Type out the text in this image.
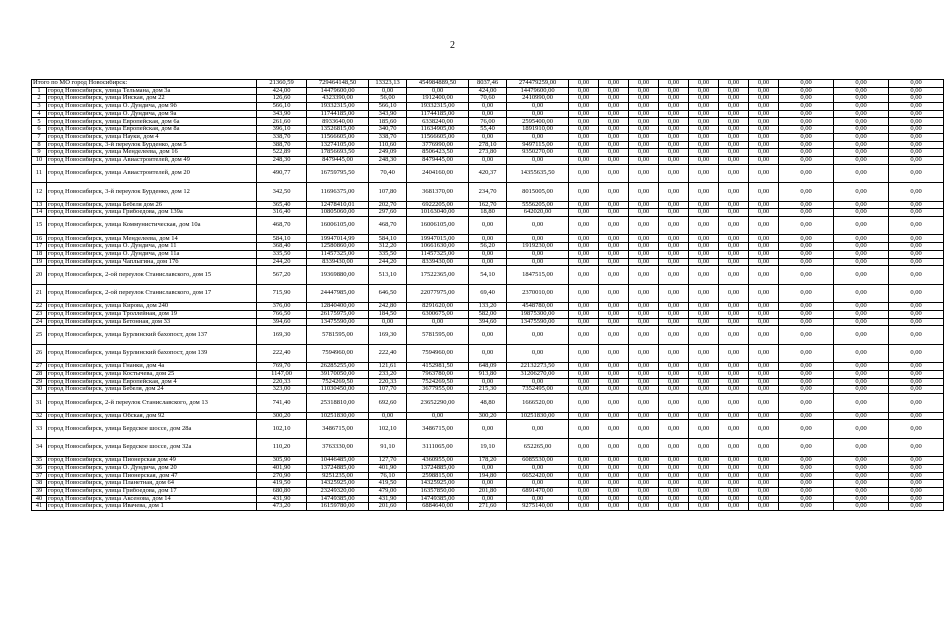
2
Итого по МО город Новосибирск:		21360,59	729464148,50	13323,13	454984889,50	8037,46	274479259,00	0,00	0,00	0,00	0,00	0,00	0,00	0,00	0,00	0,00	0,00
1	город Новосибирск, улица Тельмана, дом 3а	424,00	14479600,00	0,00	0,00	424,00	14479600,00	0,00	0,00	0,00	0,00	0,00	0,00	0,00	0,00	0,00	0,00
2	город Новосибирск, улица Инская, дом 22	126,60	4323390,00	56,00	1912400,00	70,60	2410990,00	0,00	0,00	0,00	0,00	0,00	0,00	0,00	0,00	0,00	0,00
3	город Новосибирск, улица О. Дундича, дом 9б	566,10	19332315,00	566,10	19332315,00	0,00	0,00	0,00	0,00	0,00	0,00	0,00	0,00	0,00	0,00	0,00	0,00
4	город Новосибирск, улица О. Дундича, дом 9а	343,90	11744185,00	343,90	11744185,00	0,00	0,00	0,00	0,00	0,00	0,00	0,00	0,00	0,00	0,00	0,00	0,00
5	город Новосибирск, улица Европейская, дом 6а	261,60	8933640,00	185,60	6338240,00	76,00	2595400,00	0,00	0,00	0,00	0,00	0,00	0,00	0,00	0,00	0,00	0,00
6	город Новосибирск, улица Европейская, дом 8а	396,10	13526815,00	340,70	11634905,00	55,40	1891910,00	0,00	0,00	0,00	0,00	0,00	0,00	0,00	0,00	0,00	0,00
7	город Новосибирск, улица Науки, дом 4	338,70	11566605,00	338,70	11566605,00	0,00	0,00	0,00	0,00	0,00	0,00	0,00	0,00	0,00	0,00	0,00	0,00
8	город Новосибирск, 3-й переулок Бурденко, дом 5	388,70	13274105,00	110,60	3776990,00	278,10	9497115,00	0,00	0,00	0,00	0,00	0,00	0,00	0,00	0,00	0,00	0,00
9	город Новосибирск, улица Менделеева, дом 16	522,89	17856693,50	249,09	8506423,50	273,80	9350270,00	0,00	0,00	0,00	0,00	0,00	0,00	0,00	0,00	0,00	0,00
10	город Новосибирск, улица Авиастроителей, дом 49	248,30	8479445,00	248,30	8479445,00	0,00	0,00	0,00	0,00	0,00	0,00	0,00	0,00	0,00	0,00	0,00	0,00
11	город Новосибирск, улица Авиастроителей, дом 20	490,77	16759795,50	70,40	2404160,00	420,37	14355635,50	0,00	0,00	0,00	0,00	0,00	0,00	0,00	0,00	0,00	0,00
12	город Новосибирск, 3-й переулок Бурденко, дом 12	342,50	11696375,00	107,80	3681370,00	234,70	8015005,00	0,00	0,00	0,00	0,00	0,00	0,00	0,00	0,00	0,00	0,00
13	город Новосибирск, улица Бебеля дом 26	365,40	12478410,01	202,70	6922205,00	162,70	5556205,00	0,00	0,00	0,00	0,00	0,00	0,00	0,00	0,00	0,00	0,00
14	город Новосибирск, улица Грибоедова, дом 139а	316,40	10805060,00	297,60	10163040,00	18,80	642020,00	0,00	0,00	0,00	0,00	0,00	0,00	0,00	0,00	0,00	0,00
15	город Новосибирск, улица Коммунистическая, дом 10а	468,70	16006105,00	468,70	16006105,00	0,00	0,00	0,00	0,00	0,00	0,00	0,00	0,00	0,00	0,00	0,00	0,00
16	город Новосибирск, улица Менделеева, дом 14	584,10	19947014,99	584,10	19947015,00	0,00	0,00	0,00	0,00	0,00	0,00	0,00	0,00	0,00	0,00	0,00	0,00
17	город Новосибирск, улица О. Дундича, дом 11	368,40	12580860,00	312,20	10661630,00	56,20	1919230,00	0,00	0,00	0,00	0,00	0,00	0,00	0,00	0,00	0,00	0,00
18	город Новосибирск, улица О. Дундича, дом 11а	335,50	11457325,00	335,50	11457325,00	0,00	0,00	0,00	0,00	0,00	0,00	0,00	0,00	0,00	0,00	0,00	0,00
19	город Новосибирск, улица Чаплыгина, дом 17б	244,20	8339430,00	244,20	8339430,00	0,00	0,00	0,00	0,00	0,00	0,00	0,00	0,00	0,00	0,00	0,00	0,00
20	город Новосибирск, 2-ой переулок Станиславского, дом 15	567,20	19369880,00	513,10	17522365,00	54,10	1847515,00	0,00	0,00	0,00	0,00	0,00	0,00	0,00	0,00	0,00	0,00
21	город Новосибирск, 2-ой переулок Станиславского, дом 17	715,90	24447985,00	646,50	22077975,00	69,40	2370010,00	0,00	0,00	0,00	0,00	0,00	0,00	0,00	0,00	0,00	0,00
22	город Новосибирск, улица Кирова, дом 240	376,00	12840400,00	242,80	8291620,00	133,20	4548780,00	0,00	0,00	0,00	0,00	0,00	0,00	0,00	0,00	0,00	0,00
23	город Новосибирск, улица Троллейная, дом 19	766,50	26175975,00	184,50	6300675,00	582,00	19875300,00	0,00	0,00	0,00	0,00	0,00	0,00	0,00	0,00	0,00	0,00
24	город Новосибирск, улица Бетонная, дом 33	394,60	13475590,00	0,00	0,00	394,60	13475590,00	0,00	0,00	0,00	0,00	0,00	0,00	0,00	0,00	0,00	0,00
25	город Новосибирск, улица Бурлинский бахопост, дом 137	169,30	5781595,00	169,30	5781595,00	0,00	0,00	0,00	0,00	0,00	0,00	0,00	0,00	0,00	0,00	0,00	0,00
26	город Новосибирск, улица Бурлинский бахопост, дом 139	222,40	7594960,00	222,40	7594960,00	0,00	0,00	0,00	0,00	0,00	0,00	0,00	0,00	0,00	0,00	0,00	0,00
27	город Новосибирск, улица Гнанки, дом 4а	769,70	26285255,00	121,61	4152981,50	648,09	22132273,50	0,00	0,00	0,00	0,00	0,00	0,00	0,00	0,00	0,00	0,00
28	город Новосибирск, улица Костычева, дом 25	1147,00	39170050,00	233,20	7963780,00	913,80	31206270,00	0,00	0,00	0,00	0,00	0,00	0,00	0,00	0,00	0,00	0,00
29	город Новосибирск, улица Европейская, дом 4	220,33	7524269,50	220,33	7524269,50	0,00	0,00	0,00	0,00	0,00	0,00	0,00	0,00	0,00	0,00	0,00	0,00
30	город Новосибирск, улица Бебеля, дом 24	323,00	11030450,00	107,70	3677955,00	215,30	7352495,00	0,00	0,00	0,00	0,00	0,00	0,00	0,00	0,00	0,00	0,00
31	город Новосибирск, 2-й переулок Станиславского, дом 13	741,40	25318810,00	692,60	23652290,00	48,80	1666520,00	0,00	0,00	0,00	0,00	0,00	0,00	0,00	0,00	0,00	0,00
32	город Новосибирск, улица Обская, дом 92	300,20	10251830,00	0,00	0,00	300,20	10251830,00	0,00	0,00	0,00	0,00	0,00	0,00	0,00	0,00	0,00	0,00
33	город Новосибирск, улица Бердское шоссе, дом 28а	102,10	3486715,00	102,10	3486715,00	0,00	0,00	0,00	0,00	0,00	0,00	0,00	0,00	0,00	0,00	0,00	0,00
34	город Новосибирск, улица Бердское шоссе, дом 32а	110,20	3763330,00	91,10	3111065,00	19,10	652265,00	0,00	0,00	0,00	0,00	0,00	0,00	0,00	0,00	0,00	0,00
35	город Новосибирск, улица Пионерская дом 49	305,90	10446485,00	127,70	4360955,00	178,20	6085530,00	0,00	0,00	0,00	0,00	0,00	0,00	0,00	0,00	0,00	0,00
36	город Новосибирск, улица О. Дундича, дом 20	401,90	13724885,00	401,90	13724885,00	0,00	0,00	0,00	0,00	0,00	0,00	0,00	0,00	0,00	0,00	0,00	0,00
37	город Новосибирск, улица Пионерская, дом 47	270,90	9251235,00	76,10	2598815,00	194,80	6652420,00	0,00	0,00	0,00	0,00	0,00	0,00	0,00	0,00	0,00	0,00
38	город Новосибирск, улица Планетная, дом 64	419,50	14325925,00	419,50	14325925,00	0,00	0,00	0,00	0,00	0,00	0,00	0,00	0,00	0,00	0,00	0,00	0,00
39	город Новосибирск, улица Грибоедова, дом 17	680,80	23249320,00	479,00	16357850,00	201,80	6891470,00	0,00	0,00	0,00	0,00	0,00	0,00	0,00	0,00	0,00	0,00
40	город Новосибирск, улица Аксенова, дом 14	431,90	14749385,00	431,90	14749385,00	0,00	0,00	0,00	0,00	0,00	0,00	0,00	0,00	0,00	0,00	0,00	0,00
41	город Новосибирск, улица Ивачева, дом 1	473,20	16159780,00	201,60	6884640,00	271,60	9275140,00	0,00	0,00	0,00	0,00	0,00	0,00	0,00	0,00	0,00	0,00
